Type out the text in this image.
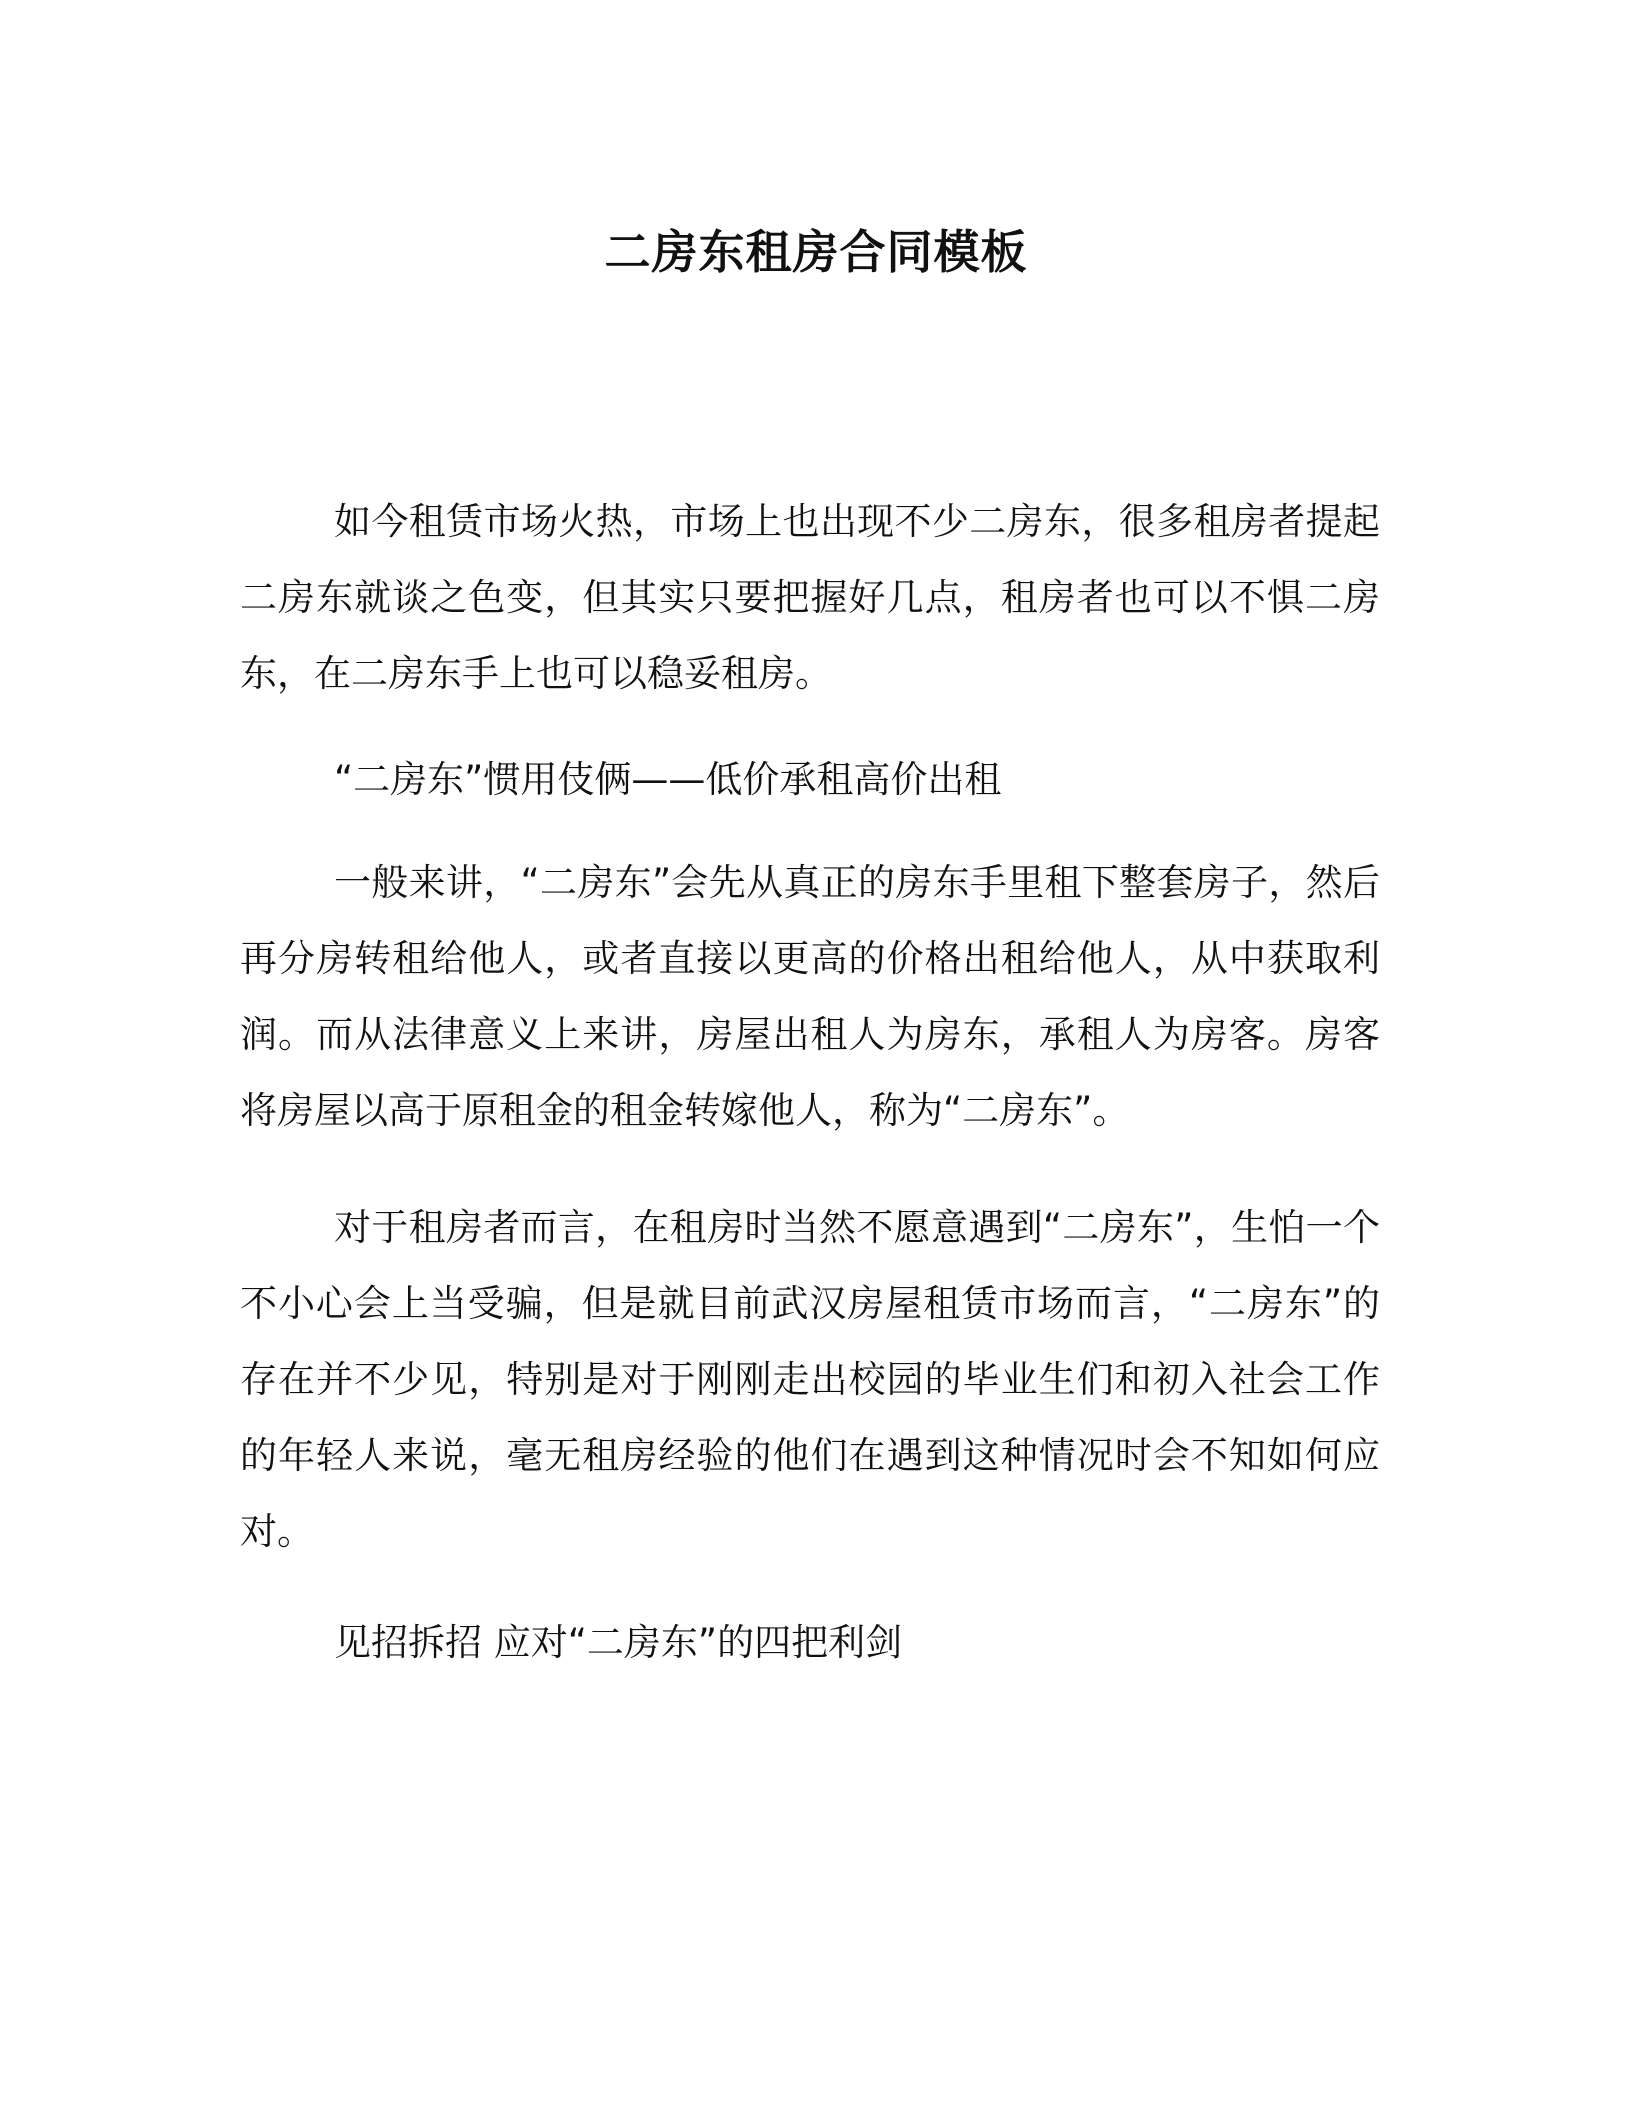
二房东租房合同模板

如今租赁市场火热，市场上也出现不少二房东，很多租房者提起二房东就谈之色变，但其实只要把握好几点，租房者也可以不惧二房东，在二房东手上也可以稳妥租房。

“二房东”惯用伎俩——低价承租高价出租

一般来讲，“二房东”会先从真正的房东手里租下整套房子，然后再分房转租给他人，或者直接以更高的价格出租给他人，从中获取利润。而从法律意义上来讲，房屋出租人为房东，承租人为房客。房客将房屋以高于原租金的租金转嫁他人，称为“二房东”。

对于租房者而言，在租房时当然不愿意遇到“二房东”，生怕一个不小心会上当受骗，但是就目前武汉房屋租赁市场而言，“二房东”的存在并不少见，特别是对于刚刚走出校园的毕业生们和初入社会工作的年轻人来说，毫无租房经验的他们在遇到这种情况时会不知如何应对。

见招拆招 应对“二房东”的四把利剑
